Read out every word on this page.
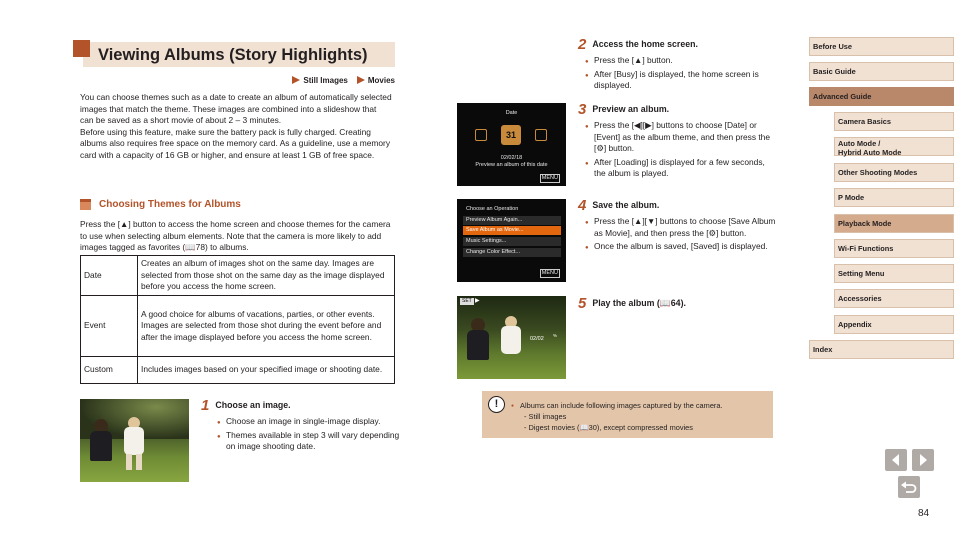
Viewing Albums (Story Highlights)
Still Images	Movies

You can choose themes such as a date to create an album of automatically selected images that match the theme. These images are combined into a slideshow that can be saved as a short movie of about 2 – 3 minutes.

Before using this feature, make sure the battery pack is fully charged. Creating albums also requires free space on the memory card. As a guideline, use a memory card with a capacity of 16 GB or higher, and ensure at least 1 GB of free space.

Choosing Themes for Albums

Press the [▲] button to access the home screen and choose themes for the camera to use when selecting album elements. Note that the camera is more likely to add images tagged as favorites (📖78) to albums.

Date	Creates an album of images shot on the same day. Images are selected from those shot on the same day as the image displayed before you access the home screen.
Event	A good choice for albums of vacations, parties, or other events. Images are selected from those shot during the event before and after the image displayed before you access the home screen.
Custom	Includes images based on your specified image or shooting date.
1 Choose an image.
● Choose an image in single-image display.
● Themes available in step 3 will vary depending on image shooting date.
2 Access the home screen.
● Press the [▲] button.
● After [Busy] is displayed, the home screen is displayed.
Date
31
02/02/18
Preview an album of this date
MENU
3 Preview an album.
● Press the [◀][▶] buttons to choose [Date] or [Event] as the album theme, and then press the [⚙] button.
● After [Loading] is displayed for a few seconds, the album is played.
Choose an Operation
Preview Album Again...
Save Album as Movie...
Music Settings...
Change Color Effect...
MENU
4 Save the album.
● Press the [▲][▼] buttons to choose [Save Album as Movie], and then press the [⚙] button.
● Once the album is saved, [Saved] is displayed.
SET ▶
02/02
%
5 Play the album (📖64).
!	● Albums can include following images captured by the camera.
- Still images
- Digest movies (📖30), except compressed movies
Before Use
Basic Guide
Advanced Guide
Camera Basics
Auto Mode /
Hybrid Auto Mode
Other Shooting Modes
P Mode
Playback Mode
Wi-Fi Functions
Setting Menu
Accessories
Appendix
Index
84
